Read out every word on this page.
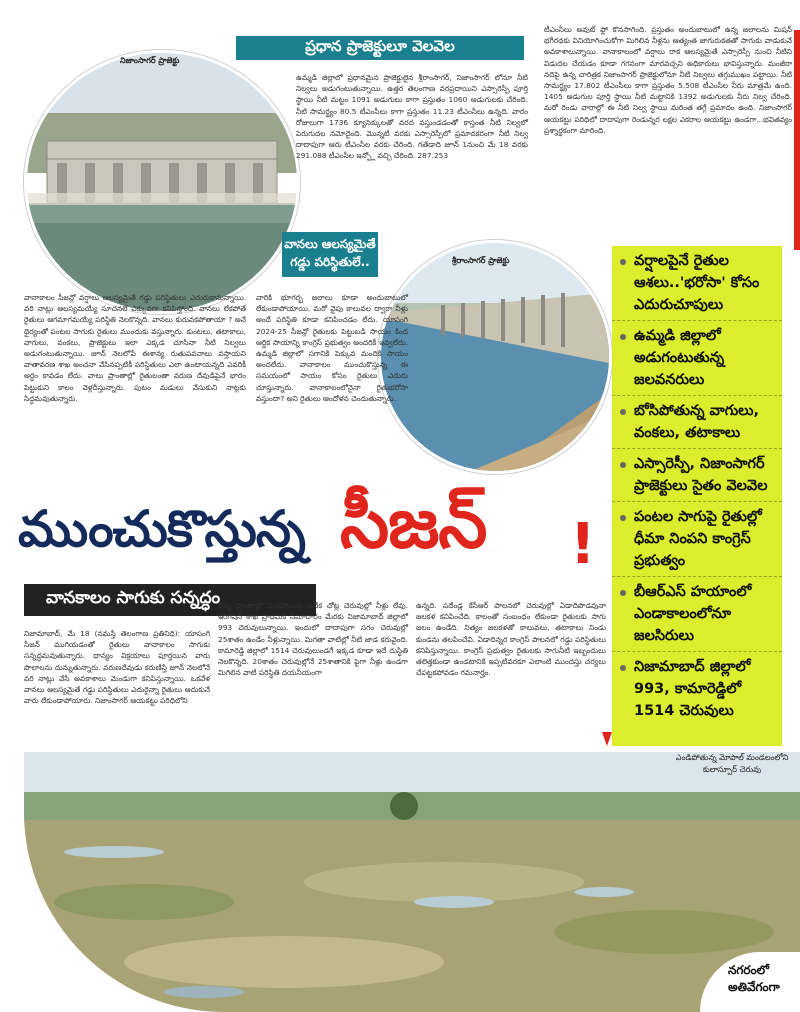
నిజాంసాగర్ ప్రాజెక్టు
ప్రధాన ప్రాజెక్టులూ వెలవెల

ఉమ్మడి జిల్లాలో ప్రధానమైన ప్రాజెక్టులైన శ్రీరాంసాగర్, నిజాంసాగర్ లోనూ నీటి నిల్వలు అడుగంటుతున్నాయి. ఉత్తర తెలంగాణ వరప్రదాయిని ఎస్సారెస్పీ పూర్తి స్థాయి నీటి మట్టం 1091 అడుగులు కాగా ప్రస్తుతం 1060 అడుగులకు చేరింది. నీటి సామర్థ్యం 80.5 టీఎంసీలు కాగా ప్రస్తుతం 11.23 టీఎంసీలు ఉన్నది. వారం రోజులుగా 1736 క్యూసెక్కులతో వరద వస్తుండడంతో కాస్తంత నీటి నిల్వలో పెరుగుదల నమోదైంది. మొన్నటి వరకు ఎస్సారెస్పీలో ప్రమాదకరంగా నీటి నిల్వ దాదాపుగా ఆరు టీఎంసీల వరకు చేరింది. గతేడాది జూన్ 1నుంచి మే 18 వరకు 291.088 టీఎంసీల ఇన్ఫ్లో వచ్చి చేరింది. 287.253

టీఎంసీలు అవుట్ ఫ్లో కొనసాగింది. ప్రస్తుతం అందుబాటులో ఉన్న జలాలను మిషన్ భగీరథకు వినియోగించుకోగా మిగిలిన నీళ్లను ఆత్యంత జాగురుకతతో సాగుకు వాడుకునే అవకాశాలున్నాయి. వానాకాలంలో వర్షాలు రాక ఆలస్యమైతే ఎస్సారెస్పీ నుంచి నీటిని విడుదల చేయడం కూడా గగనంగా మారవచ్చని అధికారులు భావిస్తున్నారు. మంజీరా నదిపై ఉన్న చారిత్రక నిజాంసాగర్ ప్రాజెక్టులోనూ నీటి నిల్వలు తగ్గుముఖం పట్టాయి. నీటి సామర్థ్యం 17.802 టీఎంసీలు కాగా ప్రస్తుతం 5.508 టీఎంసీల నీరు మాత్రమే ఉంది. 1405 అడుగుల పూర్తి స్థాయి నీటి మట్టానికి 1392 అడుగులకు నీరు నిల్వ చేరింది. మరో రెండు వారాల్లో ఈ నీటి నిల్వ స్థాయి మరింత తగ్గే ప్రమాదం ఉంది. నిజాంసాగర్ ఆయకట్టు పరిధిలో దాదాపుగా రెండున్నర లక్షల ఎకరాల ఆయకట్టు ఉండగా...భవితవ్యం ప్రశ్నార్థకంగా మారింది.

వానలు ఆలస్యమైతే గడ్డు పరిస్థితులే..	శ్రీరాంసాగర్ ప్రాజెక్టు

వానాకాలం సీజన్లో వర్షాలు ఆలస్యమైతే గడ్డు పరిస్థితులు ఎదురుకానున్నాయి. వరి నాట్లు ఆలస్యమయ్యే సూచనలే ఎక్కువగా కనిపిస్తోంది. వానలు లేకపోతే రైతులు ఆగమాగమయ్యే పరిస్థితి నెలకొన్నది. వానలు కురువకపోతాయా ? అనే ధైర్యంతో పంటల సాగుకు రైతులు ముందుకు వస్తున్నారు. కుంటలు, తటాకాలు, వాగులు, వంకలు, ప్రాజెక్టులు ఇలా ఎక్కడ చూసినా నీటి నిల్వలు అడుగంటుతున్నాయి. జూన్ నెలలోపే ఈశాన్య రుతుపవనాలు వస్తాయని వాతావరణ శాఖ అంచనా వేసినప్పటికీ పరిస్థితులు ఎలా ఉంటాయన్నది ఎవరికీ అర్థం కావడం లేదు. వాలు ప్రాంతాల్లో రైతులంతా వరుణ దేవుడిపైనే భారం పెట్టుకుని కాలం వెళ్లదీస్తున్నారు. పుటం మడులు వేసుకుని నాట్లకు సిద్ధమవుతున్నారు.

వారికి భూగర్భ జలాలు కూడా అందుబాటులో లేకుండాపోయాయి. మరో వైపు కాలువల ద్వారా నీళ్లు అందే పరిస్థితి కూడా కనిపించడం లేదు. యాసంగి 2024-25 సీజన్లో రైతులకు పెట్టుబడి సాయం కింద ఆర్థిక సాయాన్ని కాంగ్రెస్ ప్రభుత్వం అందరికీ ఇవ్వలేదు. ఉమ్మడి జిల్లాలో సగానికి పెక్కువ మందికి సాయం అందలేదు. వానాకాలం ముంచుకొస్తున్న ఈ సమయంలో సాయం కోసం రైతులు ఎదురు చూస్తున్నారు. వానాకాలంలోనైనా రైతుభరోసా వస్తుందా? అని రైతులు ఆందోళన చెందుతున్నారు.

వర్షాలపైనే రైతుల ఆశలు..'భరోసా' కోసం ఎదురుచూపులు
ఉమ్మడి జిల్లాలో అడుగంటుతున్న జలవనరులు
బోసిపోతున్న వాగులు, వంకలు, తటాకాలు
ఎస్సారెస్పీ, నిజాంసాగర్ ప్రాజెక్టులు సైతం వెలవెల
పంటల సాగుపై రైతుల్లో ధీమా నింపని కాంగ్రెస్ ప్రభుత్వం
బీఆర్ఎస్ హయాంలో ఎండాకాలంలోనూ జలసిరులు
నిజామాబాద్ జిల్లాలో 993, కామారెడ్డిలో 1514 చెరువులు
ముంచుకొస్తున్న సీజన్ !
వానకాలం సాగుకు సన్నద్ధం

నిజామాబాద్, మే 18 (నమస్తే తెలంగాణ ప్రతినిధి): యాసంగి సీజన్ ముగియడంతో రైతులు వానాకాలం సాగుకు సన్నద్ధమవుతున్నారు. ధాన్యం విక్రయాలు పూర్తయిన వారు పొలాలను దున్నుతున్నారు. వరుణదేవుడు కరుణిస్తే జూన్ నెలలోనే వరి నాట్లు వేసే అవకాశాలు మెండుగా కనిపిస్తున్నాయి. ఒకవేళ వానలు ఆలస్యమైతే గడ్డు పరిస్థితులు ఎదురైన్నా రైతులు ఆదుకునే వారు లేకుండాపోయారు. నిజాంసాగర్ ఆయకట్టు పరిధిలోని

కొన్ని ప్రాంతాల్లో మినహాయిస్తే అనేక చోట్ల చెరువుల్లో నీళ్లు లేవు. ఇరిగేషన్ శాఖ ప్రాథమిక సమాచారం మేరకు నిజామాబాద్ జిల్లాలో 993 చెరువులున్నాయి. ఇందులో దాదాపుగా సగం చెరువుల్లో 25శాతం ఉండేం నీళ్లున్నాయి. మిగతా వాటిల్లో నీటి జాడ కరువైంది. కామారెడ్డి జిల్లాలో 1514 చెరువులుండగే ఇక్కడ కూడా ఇదే దుస్థితి నెలకొన్నది. 20శాతం చెరువుల్లోనే 25శాతానికి పైగా నీళ్లు ఉండగా మిగిలిన వాటి పరిస్థితి దయనీయంగా

ఉన్నది. పదేండ్ల కేసీఆర్ పాలనలో చెరువుల్లో ఏడాదిపొడవునా జలకళ కనిపించేది. కాలంతో సంబంధం లేకుండా రైతులకు సాగు జలం ఉండేది. నిత్యం జలకళతో కాలువలు, తటాకాలు నిండు కుండను తలపించేవి. ఏడాదిన్నర కాంగ్రెస్ పాలనలో గడ్డు పరిస్థితులు కనిపిస్తున్నాయి. కాంగ్రెస్ ప్రభుత్వం రైతులకు సాగునీటి ఇబ్బందులు తలెత్తకుండా ఉండటానికి ఇప్పటివరకూ ఎలాంటి ముందస్తు చర్యలు చేపట్టకపోవడం గమనార్హం.

ఎండిపోతున్న మోపాల్ మండలంలోని కులాస్పూర్ చెరువు
నగరంలో అతివేగంగా
